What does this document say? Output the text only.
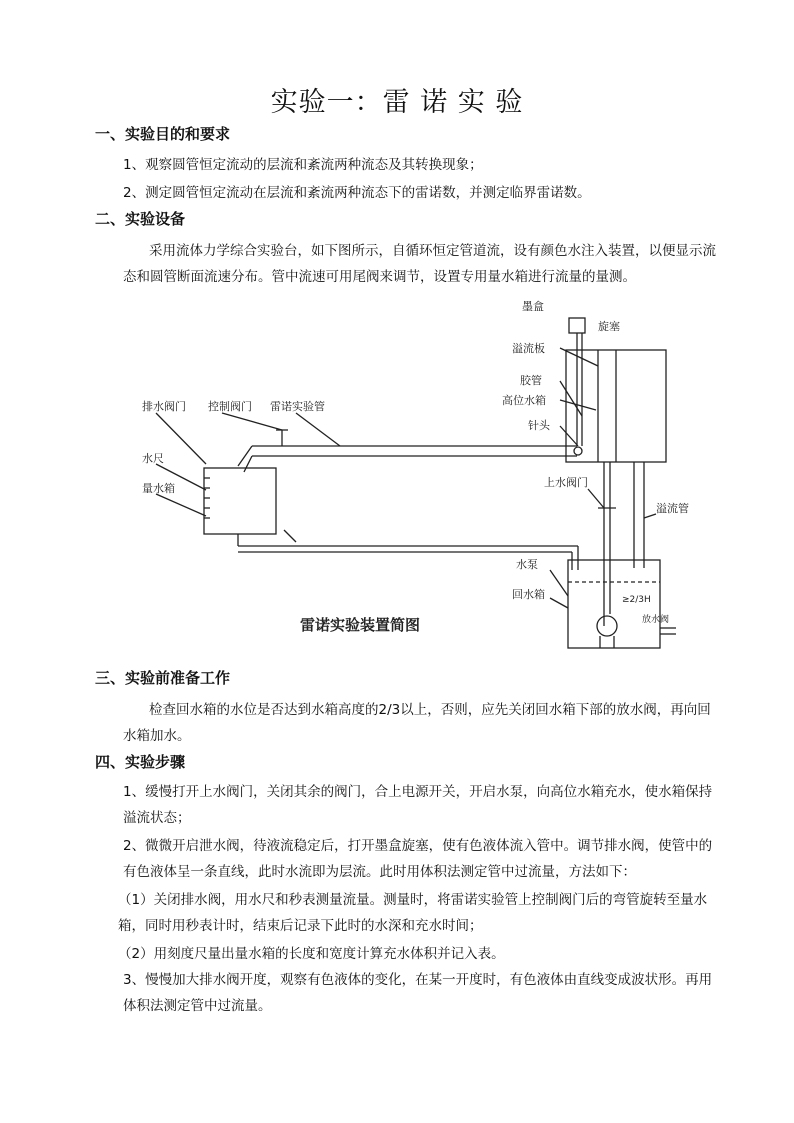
实验一：雷 诺 实 验
一、实验目的和要求
1、观察圆管恒定流动的层流和紊流两种流态及其转换现象；
2、测定圆管恒定流动在层流和紊流两种流态下的雷诺数，并测定临界雷诺数。
二、实验设备
采用流体力学综合实验台，如下图所示，自循环恒定管道流，设有颜色水注入装置，以便显示流态和圆管断面流速分布。管中流速可用尾阀来调节，设置专用量水箱进行流量的量测。
墨盒
旋塞
溢流板
胶管
高位水箱
针头
排水阀门 控制阀门 雷诺实验管
水尺
量水箱	上水阀门
溢流管
水泵
回水箱
放水阀
≥2/3H
雷诺实验装置简图
三、实验前准备工作
检查回水箱的水位是否达到水箱高度的2/3以上，否则，应先关闭回水箱下部的放水阀，再向回水箱加水。
四、实验步骤
1、缓慢打开上水阀门，关闭其余的阀门，合上电源开关，开启水泵，向高位水箱充水，使水箱保持溢流状态；
2、微微开启泄水阀，待液流稳定后，打开墨盒旋塞，使有色液体流入管中。调节排水阀，使管中的有色液体呈一条直线，此时水流即为层流。此时用体积法测定管中过流量，方法如下：
（1）关闭排水阀，用水尺和秒表测量流量。测量时，将雷诺实验管上控制阀门后的弯管旋转至量水箱，同时用秒表计时，结束后记录下此时的水深和充水时间；
（2）用刻度尺量出量水箱的长度和宽度计算充水体积并记入表。
3、慢慢加大排水阀开度，观察有色液体的变化，在某一开度时，有色液体由直线变成波状形。再用体积法测定管中过流量。
